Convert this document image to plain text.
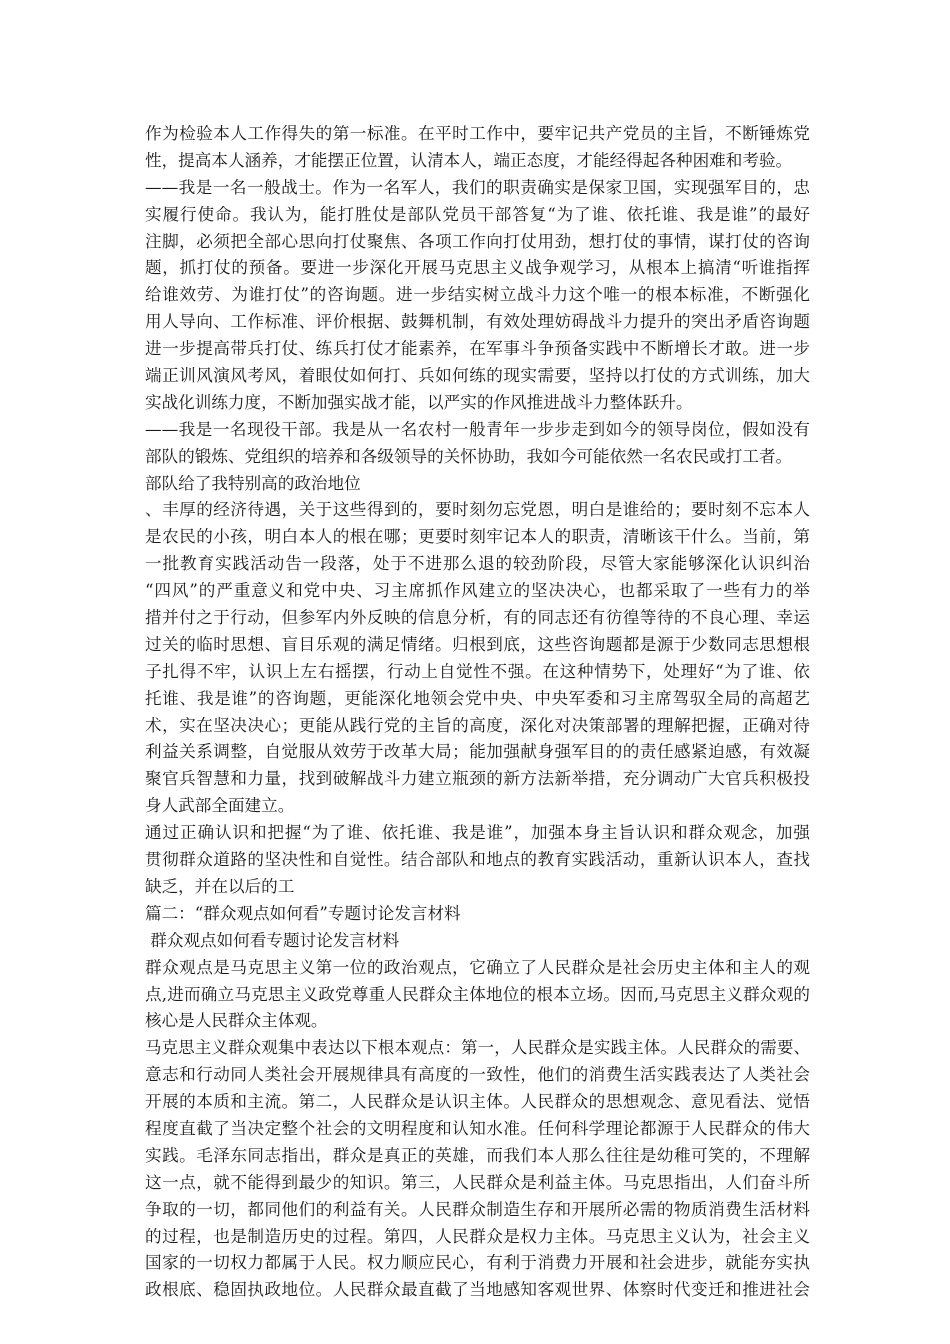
作为检验本人工作得失的第一标准。在平时工作中，要牢记共产党员的主旨，不断锤炼党
性，提高本人涵养，才能摆正位置，认清本人，端正态度，才能经得起各种困难和考验。
——我是一名一般战士。作为一名军人，我们的职责确实是保家卫国，实现强军目的，忠
实履行使命。我认为，能打胜仗是部队党员干部答复“为了谁、依托谁、我是谁”的最好
注脚，必须把全部心思向打仗聚焦、各项工作向打仗用劲，想打仗的事情，谋打仗的咨询
题，抓打仗的预备。要进一步深化开展马克思主义战争观学习，从根本上搞清“听谁指挥
给谁效劳、为谁打仗”的咨询题。进一步结实树立战斗力这个唯一的根本标准，不断强化
用人导向、工作标准、评价根据、鼓舞机制，有效处理妨碍战斗力提升的突出矛盾咨询题
进一步提高带兵打仗、练兵打仗才能素养，在军事斗争预备实践中不断增长才敢。进一步
端正训风演风考风，着眼仗如何打、兵如何练的现实需要，坚持以打仗的方式训练，加大
实战化训练力度，不断加强实战才能，以严实的作风推进战斗力整体跃升。
——我是一名现役干部。我是从一名农村一般青年一步步走到如今的领导岗位，假如没有
部队的锻炼、党组织的培养和各级领导的关怀协助，我如今可能依然一名农民或打工者。
部队给了我特别高的政治地位
、丰厚的经济待遇，关于这些得到的，要时刻勿忘党恩，明白是谁给的；要时刻不忘本人
是农民的小孩，明白本人的根在哪；更要时刻牢记本人的职责，清晰该干什么。当前，第
一批教育实践活动告一段落，处于不进那么退的较劲阶段，尽管大家能够深化认识纠治
“四风”的严重意义和党中央、习主席抓作风建立的坚决决心，也都采取了一些有力的举
措并付之于行动，但参军内外反映的信息分析，有的同志还有彷徨等待的不良心理、幸运
过关的临时思想、盲目乐观的满足情绪。归根到底，这些咨询题都是源于少数同志思想根
子扎得不牢，认识上左右摇摆，行动上自觉性不强。在这种情势下，处理好“为了谁、依
托谁、我是谁”的咨询题，更能深化地领会党中央、中央军委和习主席驾驭全局的高超艺
术，实在坚决决心；更能从践行党的主旨的高度，深化对决策部署的理解把握，正确对待
利益关系调整，自觉服从效劳于改革大局；能加强献身强军目的的责任感紧迫感，有效凝
聚官兵智慧和力量，找到破解战斗力建立瓶颈的新方法新举措，充分调动广大官兵积极投
身人武部全面建立。
通过正确认识和把握“为了谁、依托谁、我是谁”，加强本身主旨认识和群众观念，加强
贯彻群众道路的坚决性和自觉性。结合部队和地点的教育实践活动，重新认识本人，查找
缺乏，并在以后的工
篇二：“群众观点如何看”专题讨论发言材料
群众观点如何看专题讨论发言材料
群众观点是马克思主义第一位的政治观点，它确立了人民群众是社会历史主体和主人的观
点,进而确立马克思主义政党尊重人民群众主体地位的根本立场。因而,马克思主义群众观的
核心是人民群众主体观。
马克思主义群众观集中表达以下根本观点：第一，人民群众是实践主体。人民群众的需要、
意志和行动同人类社会开展规律具有高度的一致性，他们的消费生活实践表达了人类社会
开展的本质和主流。第二，人民群众是认识主体。人民群众的思想观念、意见看法、觉悟
程度直截了当决定整个社会的文明程度和认知水准。任何科学理论都源于人民群众的伟大
实践。毛泽东同志指出，群众是真正的英雄，而我们本人那么往往是幼稚可笑的，不理解
这一点，就不能得到最少的知识。第三，人民群众是利益主体。马克思指出，人们奋斗所
争取的一切，都同他们的利益有关。人民群众制造生存和开展所必需的物质消费生活材料
的过程，也是制造历史的过程。第四，人民群众是权力主体。马克思主义认为，社会主义
国家的一切权力都属于人民。权力顺应民心，有利于消费力开展和社会进步，就能夯实执
政根底、稳固执政地位。人民群众最直截了当地感知客观世界、体察时代变迁和推进社会
